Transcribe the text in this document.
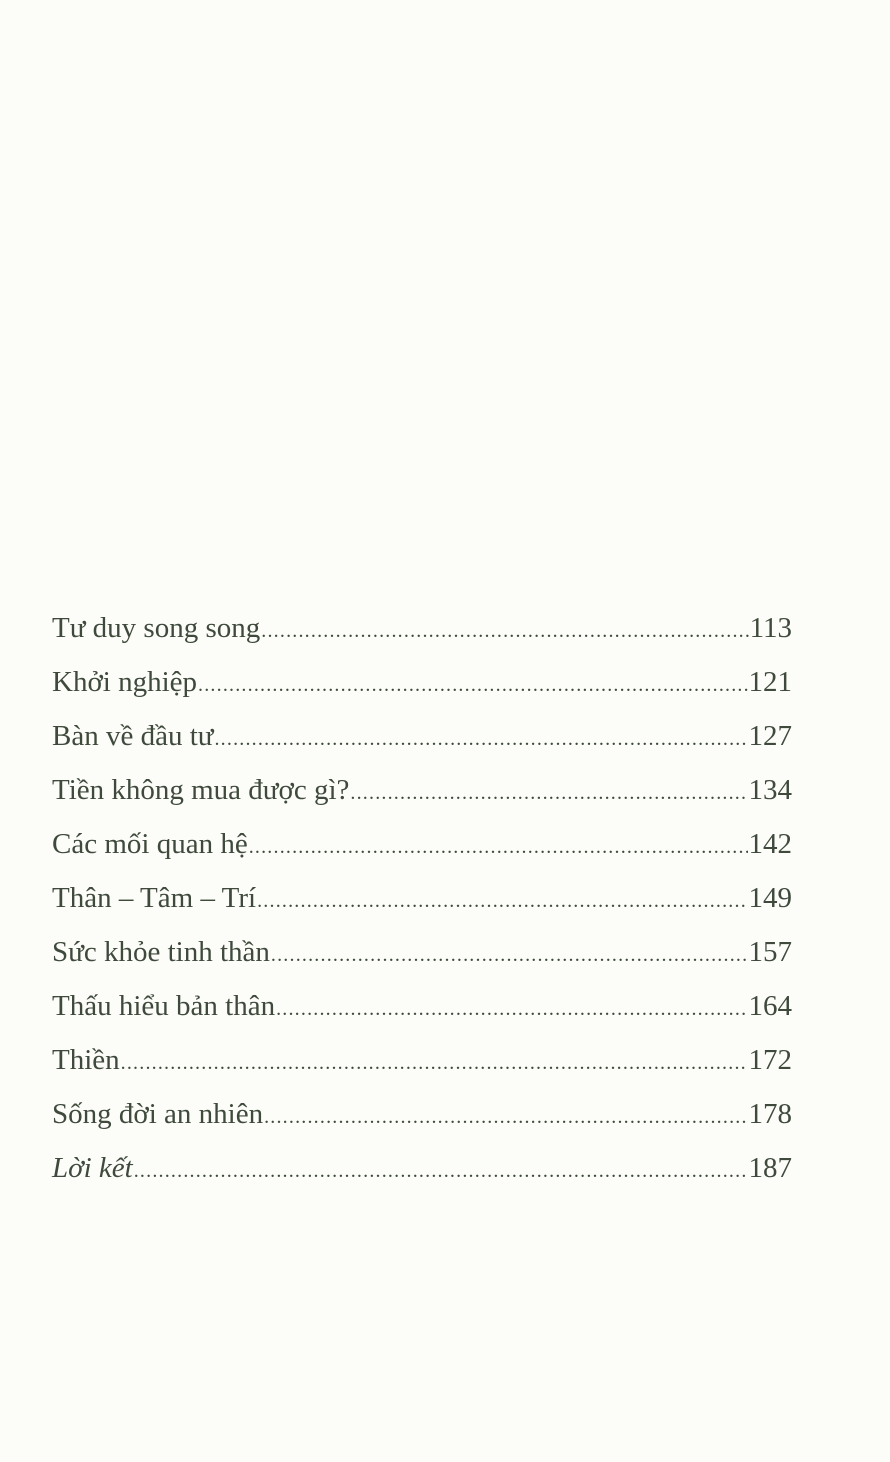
Tư duy song song .....	113
Khởi nghiệp .....	121
Bàn về đầu tư .....	127
Tiền không mua được gì? .....	134
Các mối quan hệ .....	142
Thân – Tâm – Trí .....	149
Sức khỏe tinh thần .....	157
Thấu hiểu bản thân .....	164
Thiền .....	172
Sống đời an nhiên .....	178
Lời kết .....	187
